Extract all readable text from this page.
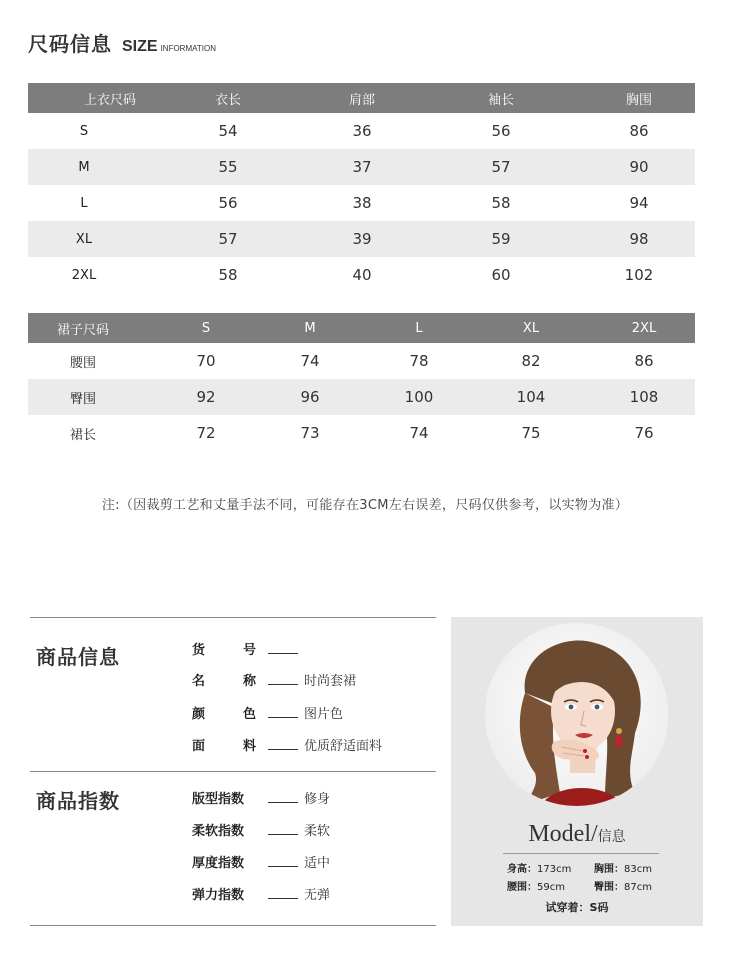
尺码信息 SIZE INFORMATION
上衣尺码	衣长	肩部	袖长	胸围
S	54	36	56	86
M	55	37	57	90
L	56	38	58	94
XL	57	39	59	98
2XL	58	40	60	102
裙子尺码	S	M	L	XL	2XL
腰围	70	74	78	82	86
臀围	92	96	100	104	108
裙长	72	73	74	75	76
注:（因裁剪工艺和丈量手法不同，可能存在3CM左右误差，尺码仅供参考，以实物为准）
商品信息	货	号
名	称	时尚套裙
颜	色	图片色
面	料	优质舒适面料
商品指数	版型指数	修身
柔软指数	柔软
厚度指数	适中
弹力指数	无弹
Model/信息
身高：173cm 胸围：83cm
腰围：59cm	臀围：87cm
试穿着：S码
